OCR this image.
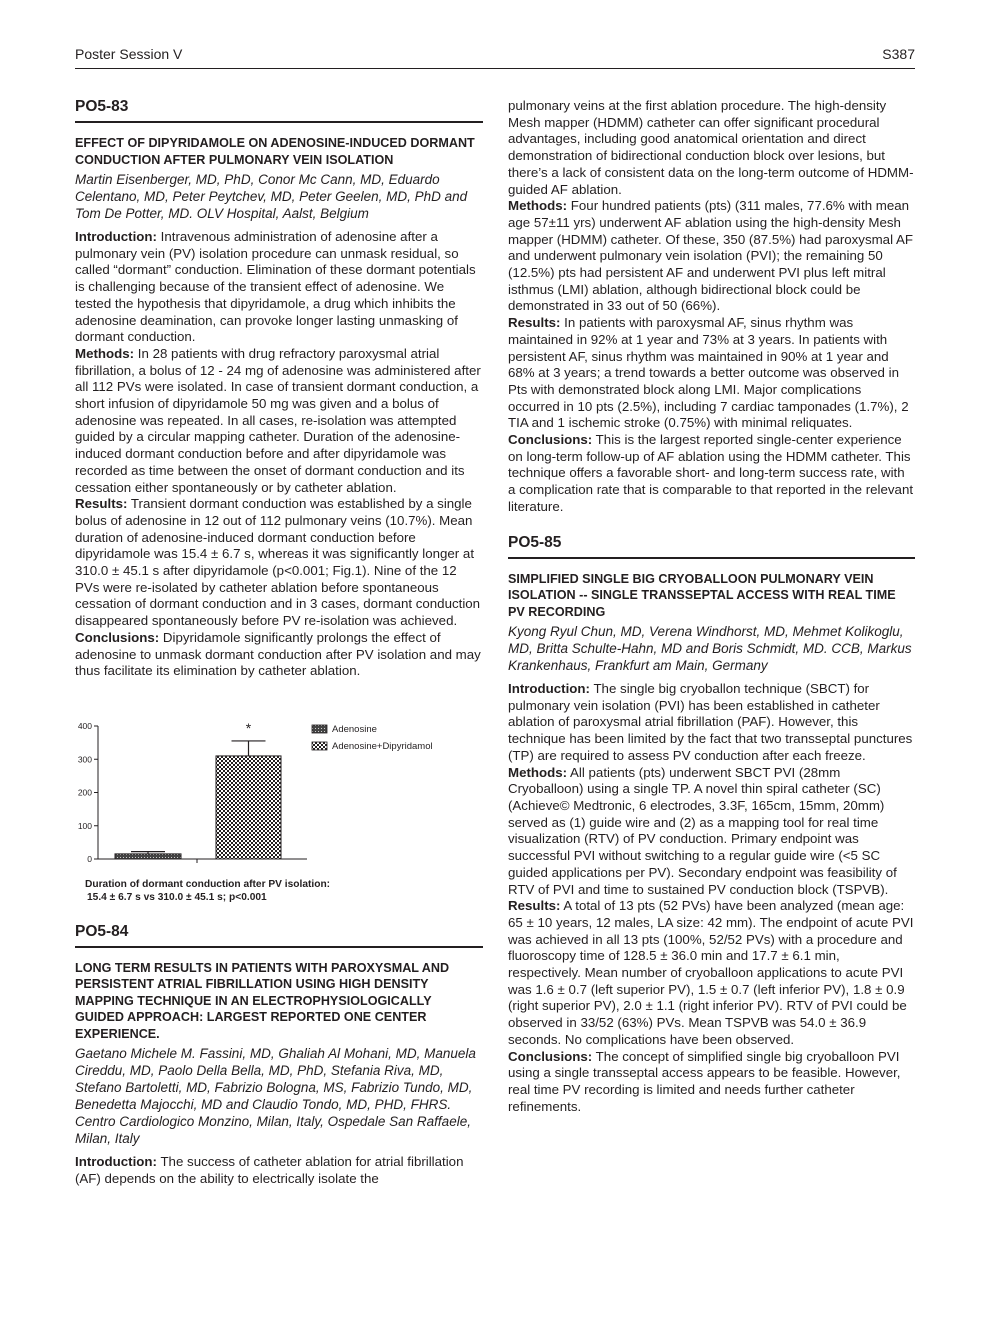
Poster Session V	S387
PO5-83
EFFECT OF DIPYRIDAMOLE ON ADENOSINE-INDUCED DORMANT CONDUCTION AFTER PULMONARY VEIN ISOLATION
Martin Eisenberger, MD, PhD, Conor Mc Cann, MD, Eduardo Celentano, MD, Peter Peytchev, MD, Peter Geelen, MD, PhD and Tom De Potter, MD. OLV Hospital, Aalst, Belgium

Introduction: Intravenous administration of adenosine after a pulmonary vein (PV) isolation procedure can unmask residual, so called “dormant” conduction. Elimination of these dormant potentials is challenging because of the transient effect of adenosine. We tested the hypothesis that dipyridamole, a drug which inhibits the adenosine deamination, can provoke longer lasting unmasking of dormant conduction.

Methods: In 28 patients with drug refractory paroxysmal atrial fibrillation, a bolus of 12 - 24 mg of adenosine was administered after all 112 PVs were isolated. In case of transient dormant conduction, a short infusion of dipyridamole 50 mg was given and a bolus of adenosine was repeated. In all cases, re-isolation was attempted guided by a circular mapping catheter. Duration of the adenosine-induced dormant conduction before and after dipyridamole was recorded as time between the onset of dormant conduction and its cessation either spontaneously or by catheter ablation.

Results: Transient dormant conduction was established by a single bolus of adenosine in 12 out of 112 pulmonary veins (10.7%). Mean duration of adenosine-induced dormant conduction before dipyridamole was 15.4 ± 6.7 s, whereas it was significantly longer at 310.0 ± 45.1 s after dipyridamole (p<0.001; Fig.1). Nine of the 12 PVs were re-isolated by catheter ablation before spontaneous cessation of dormant conduction and in 3 cases, dormant conduction disappeared spontaneously before PV re-isolation was achieved.

Conclusions: Dipyridamole significantly prolongs the effect of adenosine to unmask dormant conduction after PV isolation and may thus facilitate its elimination by catheter ablation.

0
100
200
300
400	*	Adenosine
Adenosine+Dipyridamol
Duration of dormant conduction after PV isolation:
15.4 ± 6.7 s vs 310.0 ± 45.1 s; p<0.001
PO5-84
LONG TERM RESULTS IN PATIENTS WITH PAROXYSMAL AND PERSISTENT ATRIAL FIBRILLATION USING HIGH DENSITY MAPPING TECHNIQUE IN AN ELECTROPHYSIOLOGICALLY GUIDED APPROACH: LARGEST REPORTED ONE CENTER EXPERIENCE.
Gaetano Michele M. Fassini, MD, Ghaliah Al Mohani, MD, Manuela Cireddu, MD, Paolo Della Bella, MD, PhD, Stefania Riva, MD, Stefano Bartoletti, MD, Fabrizio Bologna, MS, Fabrizio Tundo, MD, Benedetta Majocchi, MD and Claudio Tondo, MD, PHD, FHRS. Centro Cardiologico Monzino, Milan, Italy, Ospedale San Raffaele, Milan, Italy

Introduction: The success of catheter ablation for atrial fibrillation (AF) depends on the ability to electrically isolate the

pulmonary veins at the first ablation procedure. The high-density Mesh mapper (HDMM) catheter can offer significant procedural advantages, including good anatomical orientation and direct demonstration of bidirectional conduction block over lesions, but there’s a lack of consistent data on the long-term outcome of HDMM-guided AF ablation.

Methods: Four hundred patients (pts) (311 males, 77.6% with mean age 57±11 yrs) underwent AF ablation using the high-density Mesh mapper (HDMM) catheter. Of these, 350 (87.5%) had paroxysmal AF and underwent pulmonary vein isolation (PVI); the remaining 50 (12.5%) pts had persistent AF and underwent PVI plus left mitral isthmus (LMI) ablation, although bidirectional block could be demonstrated in 33 out of 50 (66%).

Results: In patients with paroxysmal AF, sinus rhythm was maintained in 92% at 1 year and 73% at 3 years. In patients with persistent AF, sinus rhythm was maintained in 90% at 1 year and 68% at 3 years; a trend towards a better outcome was observed in Pts with demonstrated block along LMI. Major complications occurred in 10 pts (2.5%), including 7 cardiac tamponades (1.7%), 2 TIA and 1 ischemic stroke (0.75%) with minimal reliquates.

Conclusions: This is the largest reported single-center experience on long-term follow-up of AF ablation using the HDMM catheter. This technique offers a favorable short- and long-term success rate, with a complication rate that is comparable to that reported in the relevant literature.

PO5-85
SIMPLIFIED SINGLE BIG CRYOBALLOON PULMONARY VEIN ISOLATION -- SINGLE TRANSSEPTAL ACCESS WITH REAL TIME PV RECORDING
Kyong Ryul Chun, MD, Verena Windhorst, MD, Mehmet Kolikoglu, MD, Britta Schulte-Hahn, MD and Boris Schmidt, MD. CCB, Markus Krankenhaus, Frankfurt am Main, Germany

Introduction: The single big cryoballon technique (SBCT) for pulmonary vein isolation (PVI) has been established in catheter ablation of paroxysmal atrial fibrillation (PAF). However, this technique has been limited by the fact that two transseptal punctures (TP) are required to assess PV conduction after each freeze.

Methods: All patients (pts) underwent SBCT PVI (28mm Cryoballoon) using a single TP. A novel thin spiral catheter (SC) (Achieve© Medtronic, 6 electrodes, 3.3F, 165cm, 15mm, 20mm) served as (1) guide wire and (2) as a mapping tool for real time visualization (RTV) of PV conduction. Primary endpoint was successful PVI without switching to a regular guide wire (<5 SC guided applications per PV). Secondary endpoint was feasibility of RTV of PVI and time to sustained PV conduction block (TSPVB).

Results: A total of 13 pts (52 PVs) have been analyzed (mean age: 65 ± 10 years, 12 males, LA size: 42 mm). The endpoint of acute PVI was achieved in all 13 pts (100%, 52/52 PVs) with a procedure and fluoroscopy time of 128.5 ± 36.0 min and 17.7 ± 6.1 min, respectively. Mean number of cryoballoon applications to acute PVI was 1.6 ± 0.7 (left superior PV), 1.5 ± 0.7 (left inferior PV), 1.8 ± 0.9 (right superior PV), 2.0 ± 1.1 (right inferior PV). RTV of PVI could be observed in 33/52 (63%) PVs. Mean TSPVB was 54.0 ± 36.9 seconds. No complications have been observed.

Conclusions: The concept of simplified single big cryoballoon PVI using a single transseptal access appears to be feasible. However, real time PV recording is limited and needs further catheter refinements.
